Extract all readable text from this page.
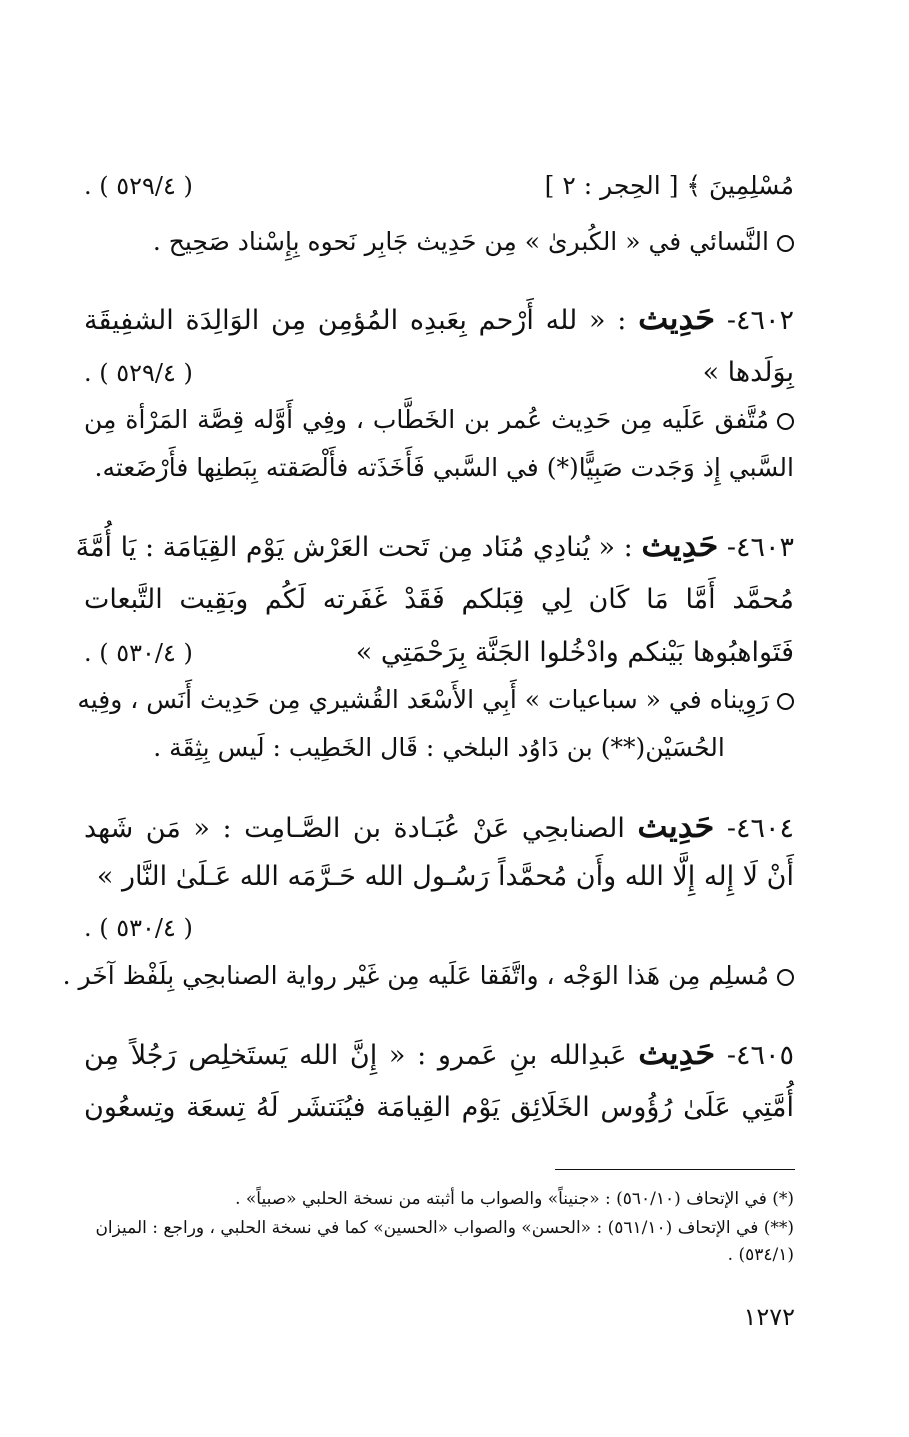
مُسْلِمِينَ ﴾ [ الحِجر : ٢ ]
( ٥٢٩/٤ ) .
النَّسائي في « الكُبرىٰ » مِن حَدِيث جَابِر نَحوه بِإِسْناد صَحِيح .
٤٦٠٢- حَدِيث : « لله أَرْحم بِعَبدِه المُؤمِن مِن الوَالِدَة الشفِيقَة
بِوَلَدها »
( ٥٢٩/٤ ) .
مُتَّفق عَلَيه مِن حَدِيث عُمر بن الخَطَّاب ، وفِي أَوَّله قِصَّة المَرْأة مِن
السَّبي إِذ وَجَدت صَبِيًّا(*) في السَّبي فَأَخَذَته فأَلْصَقته بِبَطنِها فأَرْضَعته.
٤٦٠٣- حَدِيث : « يُنادِي مُنَاد مِن تَحت العَرْش يَوْم القِيَامَة : يَا أُمَّةَ
مُحمَّد أَمَّا مَا كَان لِي قِبَلكم فَقَدْ غَفَرته لَكُم وبَقِيت التَّبعات
فَتَواهبُوها بَيْنكم وادْخُلوا الجَنَّة بِرَحْمَتِي »
( ٥٣٠/٤ ) .
رَوِيناه في « سباعيات » أَبِي الأَسْعَد القُشيري مِن حَدِيث أَنَس ، وفِيه
الحُسَيْن(**) بن دَاوُد البلخي : قَال الخَطِيب : لَيس بِثِقَة .
٤٦٠٤- حَدِيث الصنابحِي عَنْ عُبَـادة بن الصَّـامِت : « مَن شَهد
أَنْ لَا إِله إِلَّا الله وأَن مُحمَّداً رَسُـول الله حَـرَّمَه الله عَـلَىٰ النَّار »
( ٥٣٠/٤ ) .
مُسلِم مِن هَذا الوَجْه ، واتَّفَقا عَلَيه مِن غَيْر رواية الصنابحِي بِلَفْظ آخَر .
٤٦٠٥- حَدِيث عَبدِالله بنِ عَمرو : « إِنَّ الله يَستَخلِص رَجُلاً مِن
أُمَّتِي عَلَىٰ رُؤُوس الخَلَائِق يَوْم القِيامَة فيُنَتشَر لَهُ تِسعَة وتِسعُون
(*) في الإتحاف (٥٦٠/١٠) : «جنيناً» والصواب ما أثبته من نسخة الحلبي «صبياً» .
(**) في الإتحاف (٥٦١/١٠) : «الحسن» والصواب «الحسين» كما في نسخة الحلبي ، وراجع : الميزان
(٥٣٤/١) .
١٢٧٢
